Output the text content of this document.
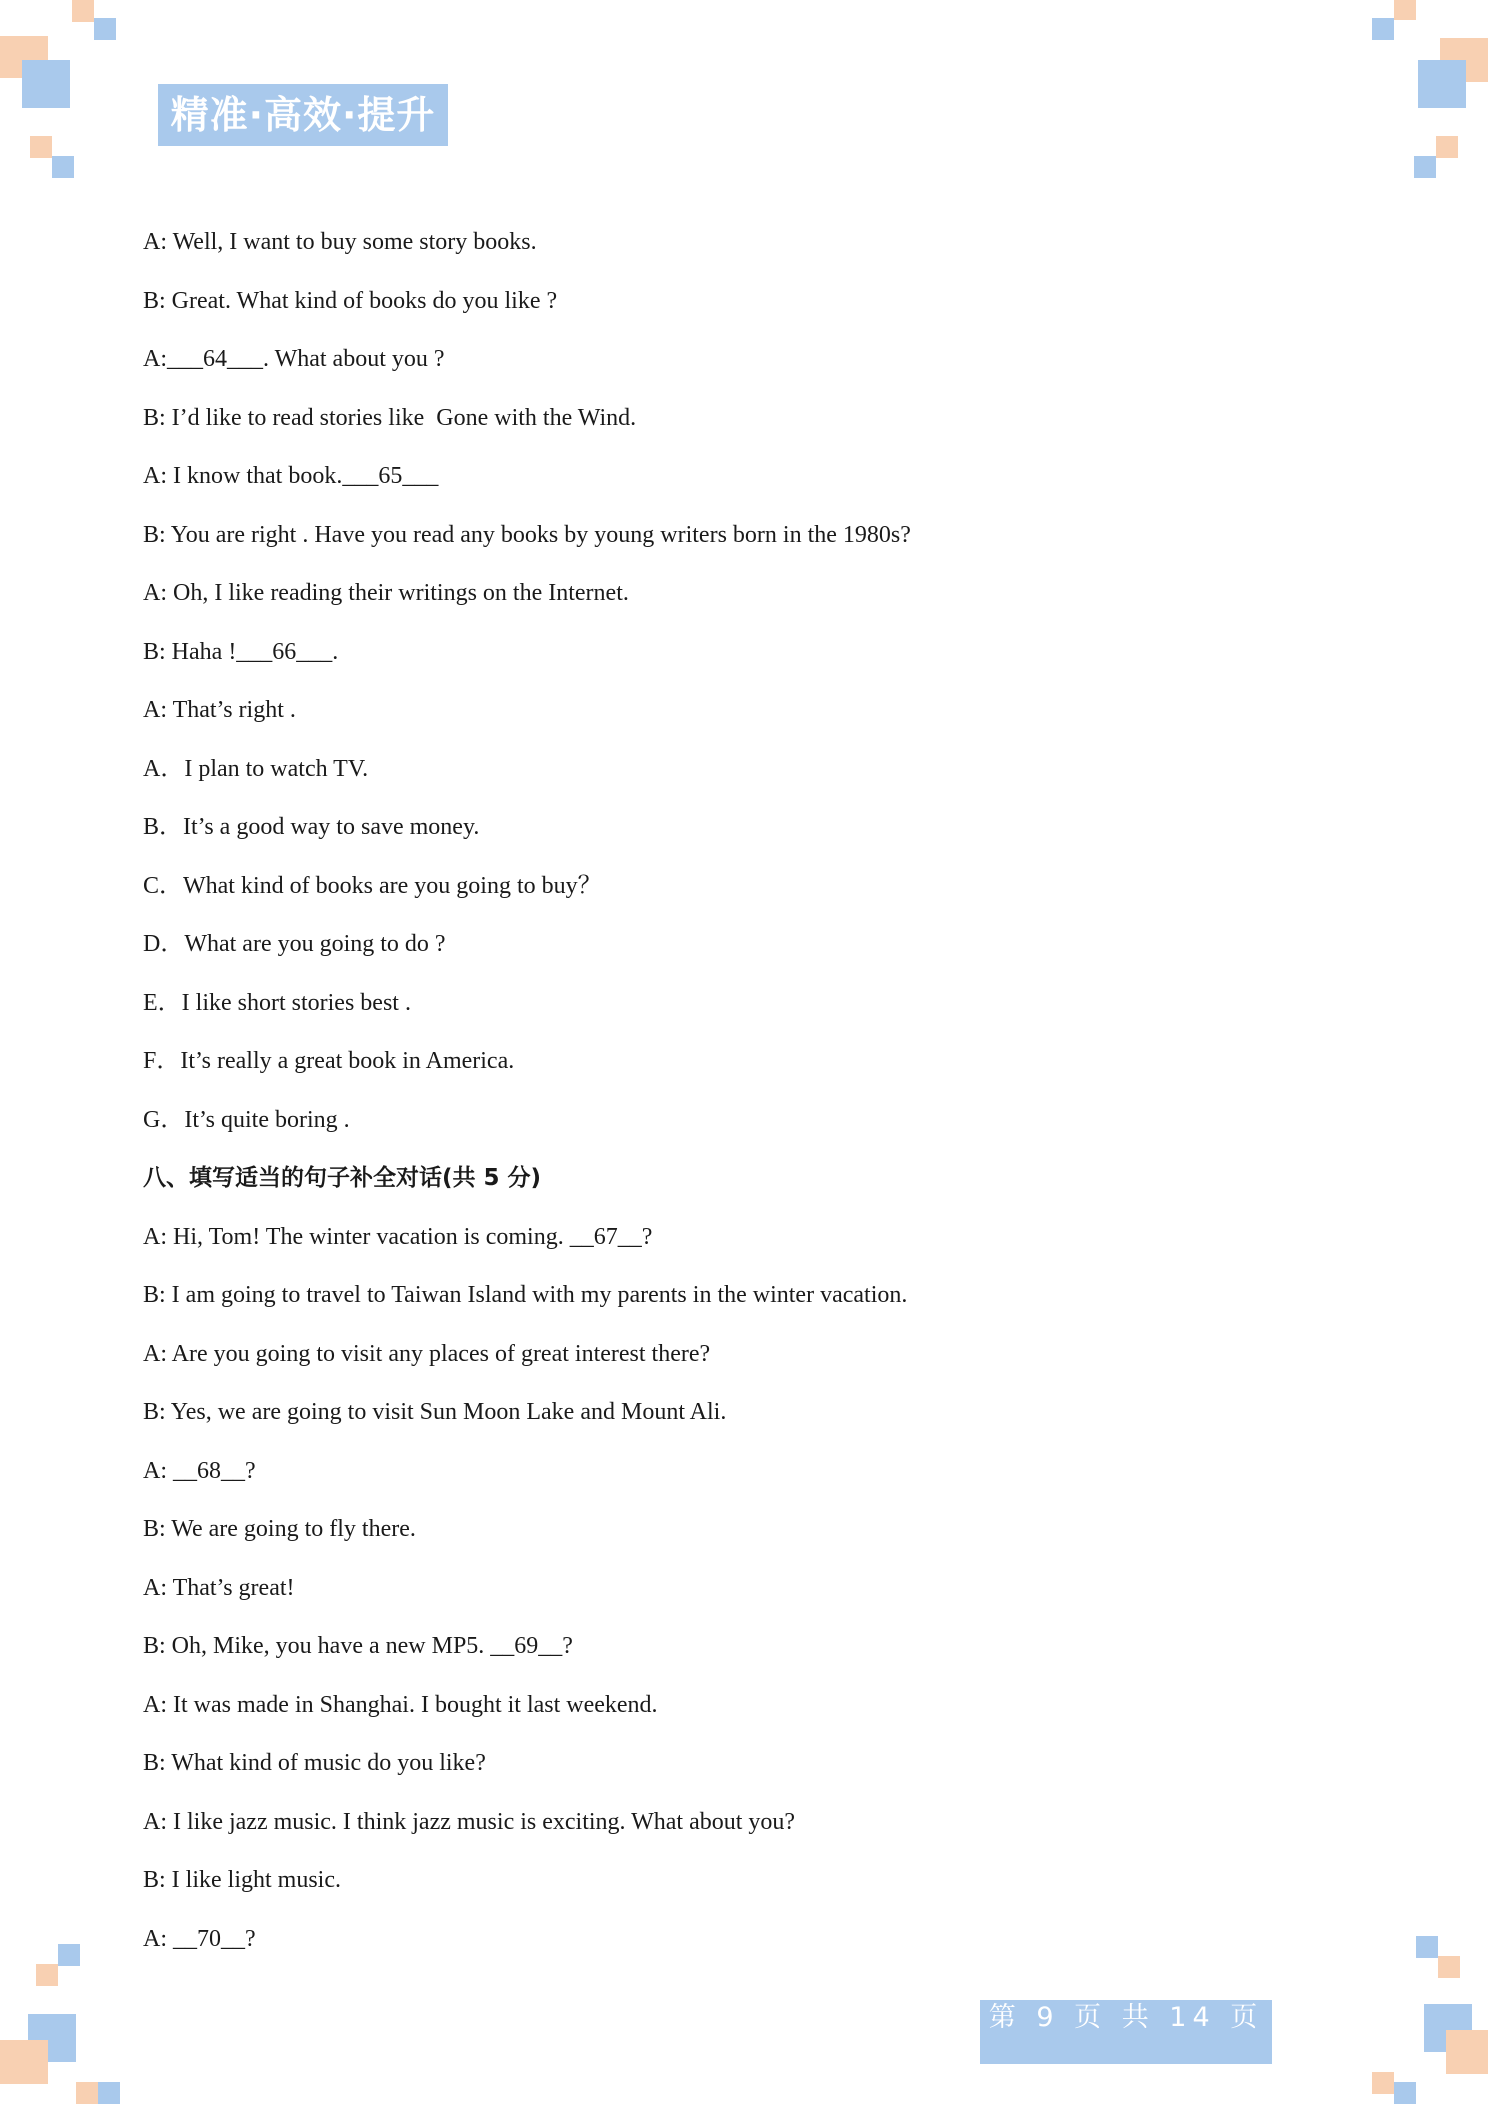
精准·高效·提升
A: Well, I want to buy some story books.
B: Great. What kind of books do you like ?
A:___64___. What about you ?
B: I’d like to read stories like  Gone with the Wind.
A: I know that book.___65___
B: You are right . Have you read any books by young writers born in the 1980s?
A: Oh, I like reading their writings on the Internet.
B: Haha !___66___.
A: That’s right .
A．I plan to watch TV.
B．It’s a good way to save money.
C．What kind of books are you going to buy？
D．What are you going to do ?
E．I like short stories best .
F．It’s really a great book in America.
G．It’s quite boring .
八、填写适当的句子补全对话(共 5 分)
A: Hi, Tom! The winter vacation is coming. __67__?
B: I am going to travel to Taiwan Island with my parents in the winter vacation.
A: Are you going to visit any places of great interest there?
B: Yes, we are going to visit Sun Moon Lake and Mount Ali.
A: __68__?
B: We are going to fly there.
A: That’s great!
B: Oh, Mike, you have a new MP5. __69__?
A: It was made in Shanghai. I bought it last weekend.
B: What kind of music do you like?
A: I like jazz music. I think jazz music is exciting. What about you?
B: I like light music.
A: __70__?
第 9 页 共 14 页
